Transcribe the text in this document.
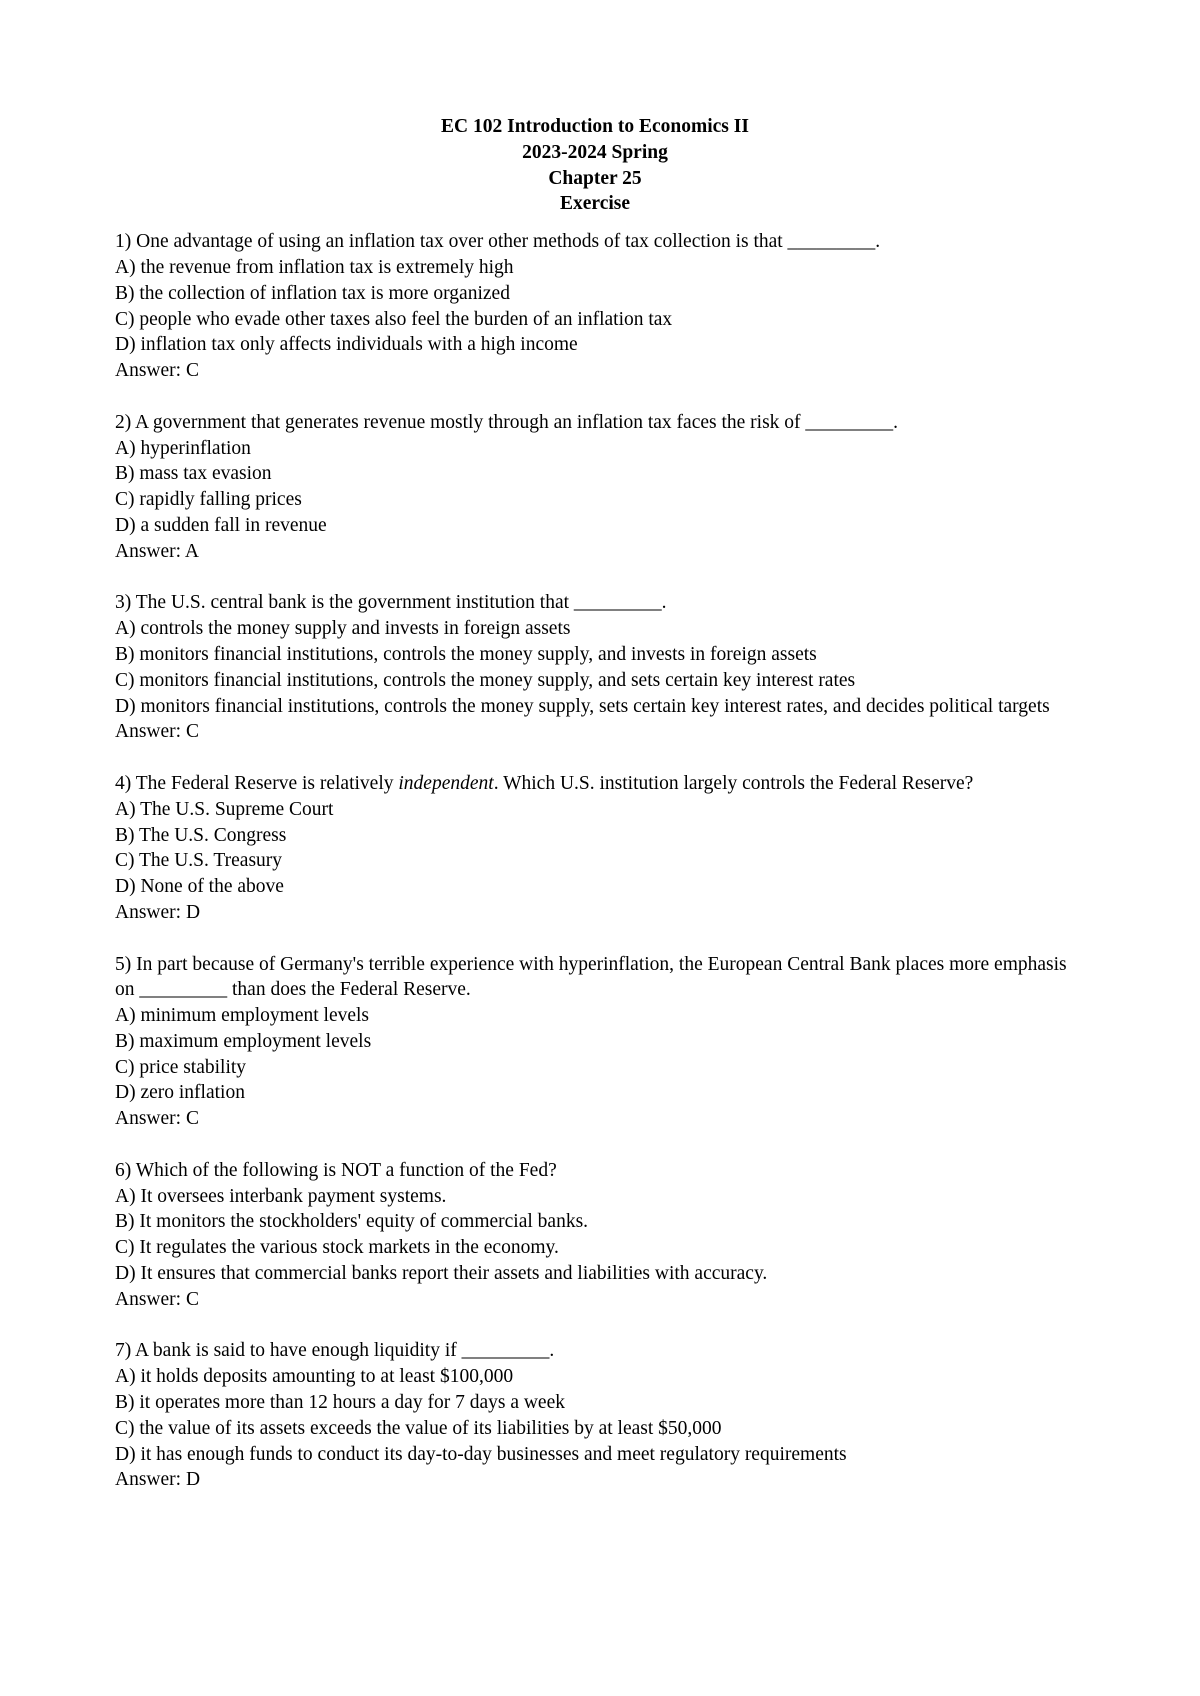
EC 102 Introduction to Economics II
2023-2024 Spring
Chapter 25
Exercise
1) One advantage of using an inflation tax over other methods of tax collection is that _________.
A) the revenue from inflation tax is extremely high
B) the collection of inflation tax is more organized
C) people who evade other taxes also feel the burden of an inflation tax
D) inflation tax only affects individuals with a high income
Answer: C
2) A government that generates revenue mostly through an inflation tax faces the risk of _________.
A) hyperinflation
B) mass tax evasion
C) rapidly falling prices
D) a sudden fall in revenue
Answer: A
3) The U.S. central bank is the government institution that _________.
A) controls the money supply and invests in foreign assets
B) monitors financial institutions, controls the money supply, and invests in foreign assets
C) monitors financial institutions, controls the money supply, and sets certain key interest rates
D) monitors financial institutions, controls the money supply, sets certain key interest rates, and decides political targets
Answer: C
4) The Federal Reserve is relatively independent. Which U.S. institution largely controls the Federal Reserve?
A) The U.S. Supreme Court
B) The U.S. Congress
C) The U.S. Treasury
D) None of the above
Answer: D
5) In part because of Germany's terrible experience with hyperinflation, the European Central Bank places more emphasis on _________ than does the Federal Reserve.
A) minimum employment levels
B) maximum employment levels
C) price stability
D) zero inflation
Answer: C
6) Which of the following is NOT a function of the Fed?
A) It oversees interbank payment systems.
B) It monitors the stockholders' equity of commercial banks.
C) It regulates the various stock markets in the economy.
D) It ensures that commercial banks report their assets and liabilities with accuracy.
Answer: C
7) A bank is said to have enough liquidity if _________.
A) it holds deposits amounting to at least $100,000
B) it operates more than 12 hours a day for 7 days a week
C) the value of its assets exceeds the value of its liabilities by at least $50,000
D) it has enough funds to conduct its day-to-day businesses and meet regulatory requirements
Answer: D
